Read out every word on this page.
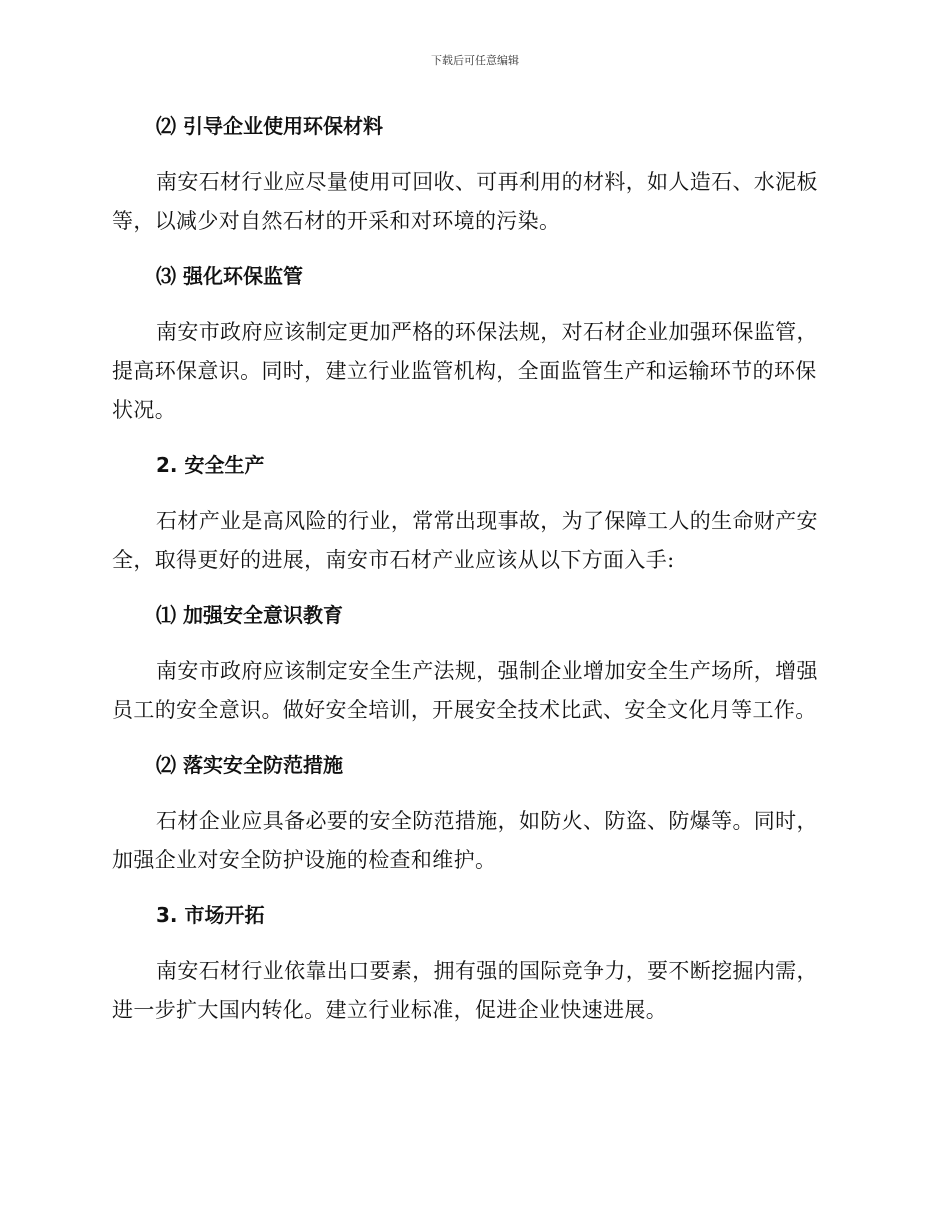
下载后可任意编辑
⑵ 引导企业使用环保材料
南安石材行业应尽量使用可回收、可再利用的材料，如人造石、水泥板等，以减少对自然石材的开采和对环境的污染。
⑶ 强化环保监管
南安市政府应该制定更加严格的环保法规，对石材企业加强环保监管，提高环保意识。同时，建立行业监管机构，全面监管生产和运输环节的环保状况。
2. 安全生产
石材产业是高风险的行业，常常出现事故，为了保障工人的生命财产安全，取得更好的进展，南安市石材产业应该从以下方面入手:
⑴ 加强安全意识教育
南安市政府应该制定安全生产法规，强制企业增加安全生产场所，增强员工的安全意识。做好安全培训，开展安全技术比武、安全文化月等工作。
⑵ 落实安全防范措施
石材企业应具备必要的安全防范措施，如防火、防盗、防爆等。同时，加强企业对安全防护设施的检查和维护。
3. 市场开拓
南安石材行业依靠出口要素，拥有强的国际竞争力，要不断挖掘内需，进一步扩大国内转化。建立行业标准，促进企业快速进展。
